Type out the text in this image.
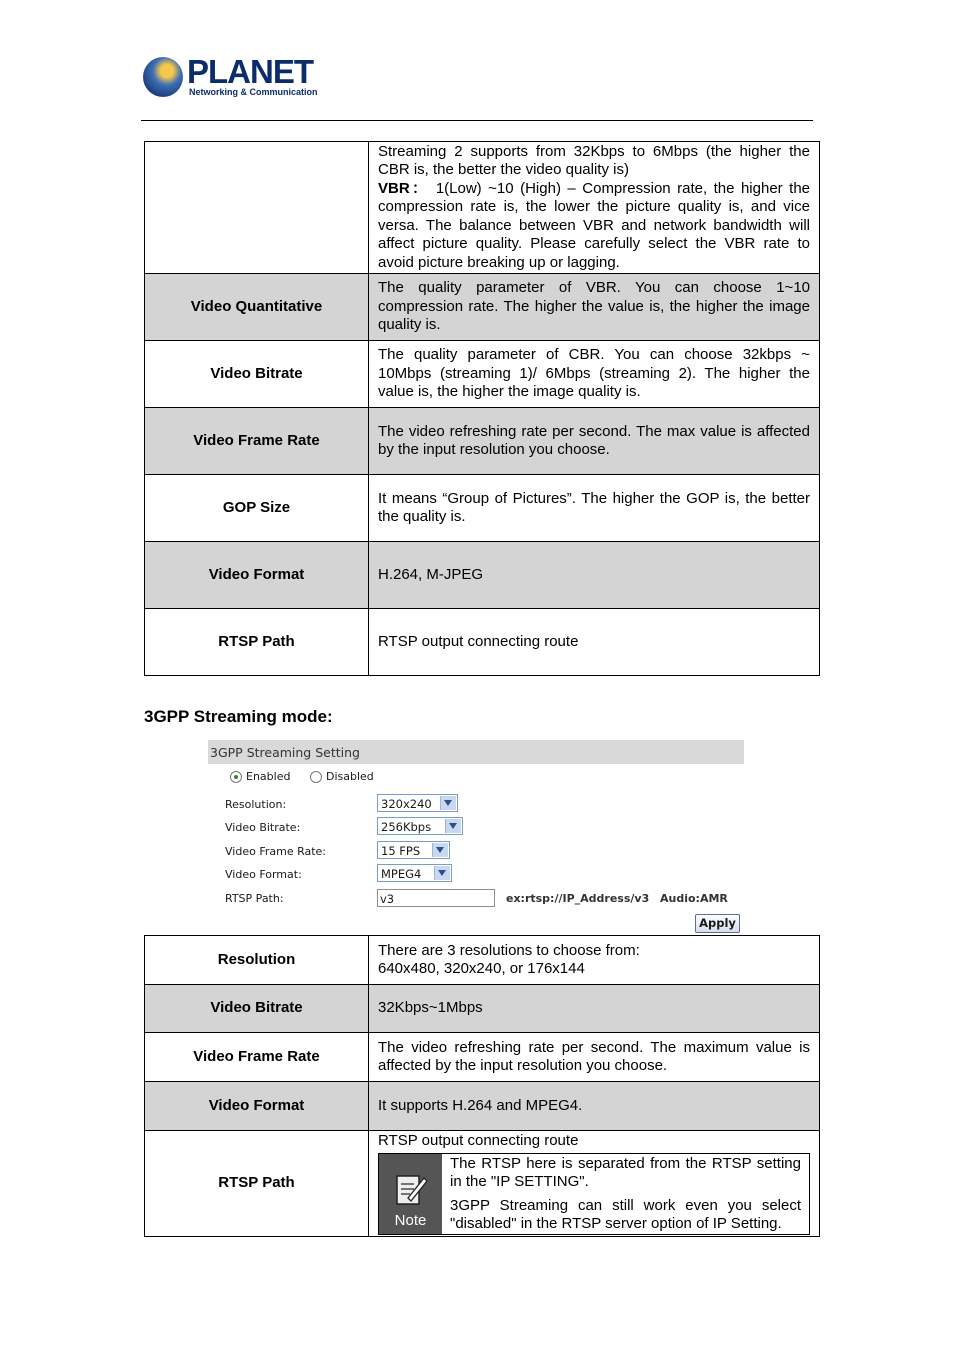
PLANET
Networking & Communication

	Streaming 2 supports from 32Kbps to 6Mbps (the higher the CBR is, the better the video quality is)
VBR： 1(Low) ~10 (High) – Compression rate, the higher the compression rate is, the lower the picture quality is, and vice versa. The balance between VBR and network bandwidth will affect picture quality. Please carefully select the VBR rate to avoid picture breaking up or lagging.

Video Quantitative	The quality parameter of VBR. You can choose 1~10 compression rate. The higher the value is, the higher the image quality is.
Video Bitrate	The quality parameter of CBR. You can choose 32kbps ~ 10Mbps (streaming 1)/ 6Mbps (streaming 2). The higher the value is, the higher the image quality is.
Video Frame Rate	The video refreshing rate per second. The max value is affected by the input resolution you choose.
GOP Size	It means “Group of Pictures”. The higher the GOP is, the better the quality is.
Video Format	H.264, M-JPEG
RTSP Path	RTSP output connecting route
3GPP Streaming mode:
3GPP Streaming Setting
Enabled	Disabled
Resolution:	320x240
Video Bitrate:	256Kbps
Video Frame Rate:	15 FPS
Video Format:	MPEG4
RTSP Path:	v3	ex:rtsp://IP_Address/v3 Audio:AMR
Apply
Resolution	There are 3 resolutions to choose from:
640x480, 320x240, or 176x144

Video Bitrate	32Kbps~1Mbps
Video Frame Rate	The video refreshing rate per second. The maximum value is affected by the input resolution you choose.
Video Format	It supports H.264 and MPEG4.
RTSP Path	RTSP output connecting route
Note

The RTSP here is separated from the RTSP setting in the "IP SETTING".

3GPP Streaming can still work even you select "disabled" in the RTSP server option of IP Setting.
